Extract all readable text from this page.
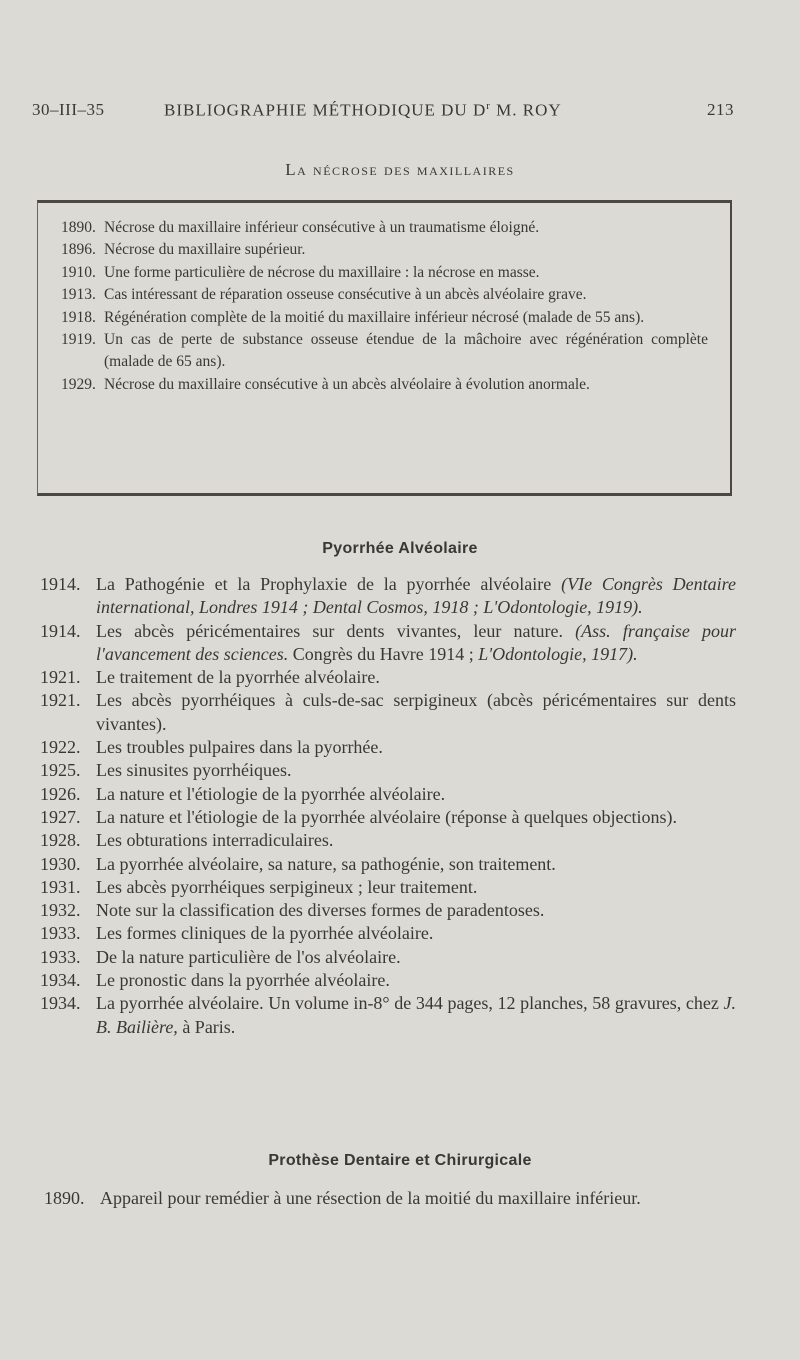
30–III–35	BIBLIOGRAPHIE MÉTHODIQUE DU $D^r$ M. ROY	213
La nécrose des maxillaires
1890. Nécrose du maxillaire inférieur consécutive à un traumatisme éloigné.
1896. Nécrose du maxillaire supérieur.
1910. Une forme particulière de nécrose du maxillaire : la nécrose en masse.
1913. Cas intéressant de réparation osseuse consécutive à un abcès alvéolaire grave.
1918. Régénération complète de la moitié du maxillaire inférieur nécrosé (malade de 55 ans).
1919. Un cas de perte de substance osseuse étendue de la mâchoire avec régénération complète (malade de 65 ans).
1929. Nécrose du maxillaire consécutive à un abcès alvéolaire à évolution anormale.
Pyorrhée Alvéolaire
1914. La Pathogénie et la Prophylaxie de la pyorrhée alvéolaire (VIe Congrès Dentaire international, Londres 1914 ; Dental Cosmos, 1918 ; L'Odontologie, 1919).
1914. Les abcès péricémentaires sur dents vivantes, leur nature. (Ass. française pour l'avancement des sciences. Congrès du Havre 1914 ; L'Odontologie, 1917).
1921. Le traitement de la pyorrhée alvéolaire.
1921. Les abcès pyorrhéiques à culs-de-sac serpigineux (abcès péricémentaires sur dents vivantes).
1922. Les troubles pulpaires dans la pyorrhée.
1925. Les sinusites pyorrhéiques.
1926. La nature et l'étiologie de la pyorrhée alvéolaire.
1927. La nature et l'étiologie de la pyorrhée alvéolaire (réponse à quelques objections).
1928. Les obturations interradiculaires.
1930. La pyorrhée alvéolaire, sa nature, sa pathogénie, son traitement.
1931. Les abcès pyorrhéiques serpigineux ; leur traitement.
1932. Note sur la classification des diverses formes de paradentoses.
1933. Les formes cliniques de la pyorrhée alvéolaire.
1933. De la nature particulière de l'os alvéolaire.
1934. Le pronostic dans la pyorrhée alvéolaire.
1934. La pyorrhée alvéolaire. Un volume in-8° de 344 pages, 12 planches, 58 gravures, chez J. B. Bailière, à Paris.
Prothèse Dentaire et Chirurgicale
1890. Appareil pour remédier à une résection de la moitié du maxillaire inférieur.
